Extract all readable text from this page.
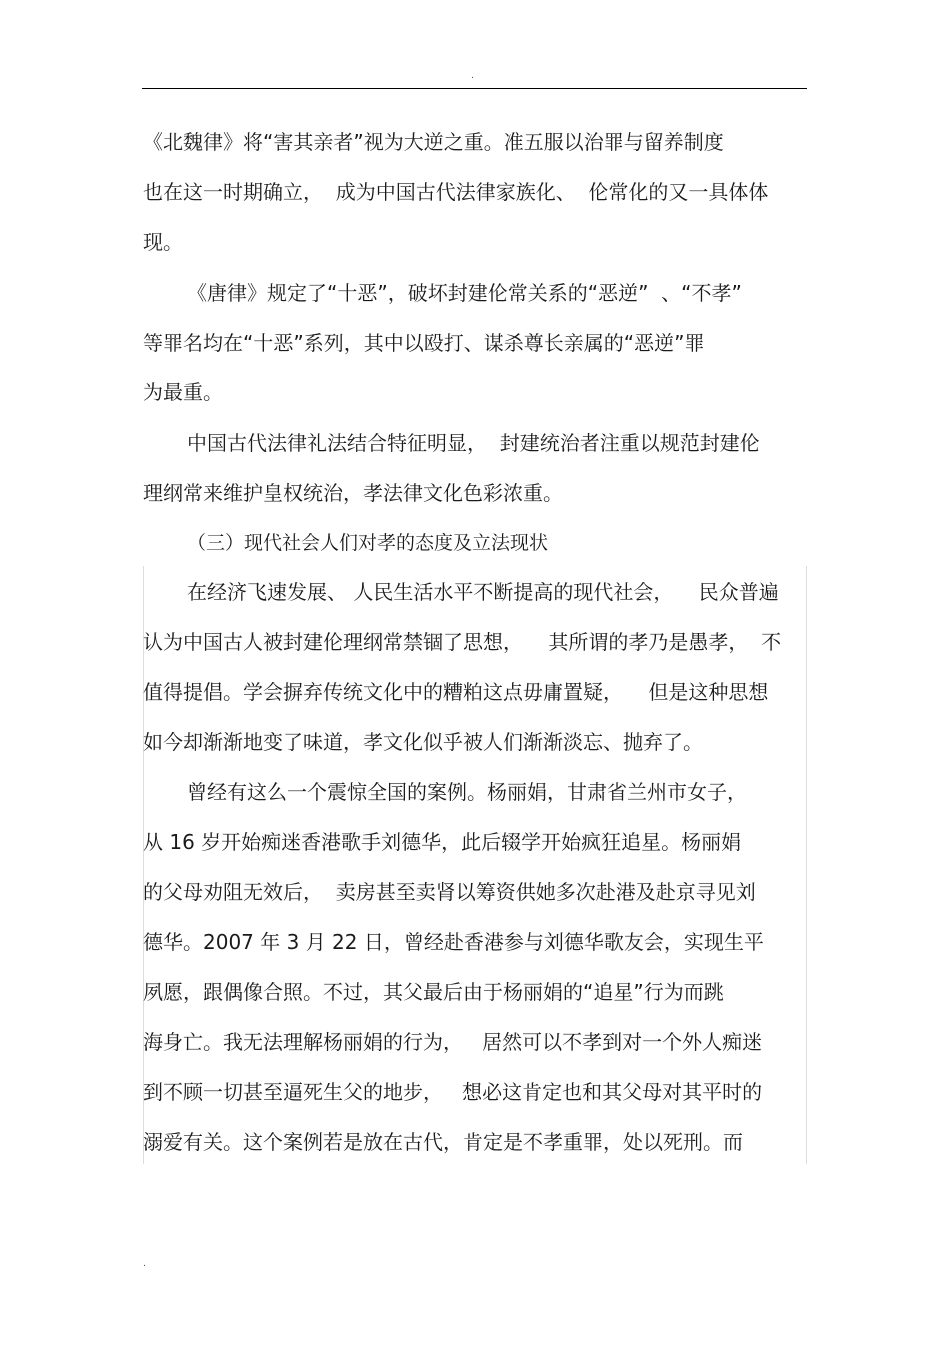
.
《北魏律》将“害其亲者”视为大逆之重。准五服以治罪与留养制度
也在这一时期确立，  成为中国古代法律家族化、  伦常化的又一具体体
现。
《唐律》规定了“十恶”，破坏封建伦常关系的“恶逆”  、“不孝”
等罪名均在“十恶”系列，其中以殴打、谋杀尊长亲属的“恶逆”罪
为最重。
中国古代法律礼法结合特征明显，  封建统治者注重以规范封建伦
理纲常来维护皇权统治，孝法律文化色彩浓重。
（三）现代社会人们对孝的态度及立法现状
在经济飞速发展、 人民生活水平不断提高的现代社会，    民众普遍
认为中国古人被封建伦理纲常禁锢了思想，    其所谓的孝乃是愚孝，  不
值得提倡。学会摒弃传统文化中的糟粕这点毋庸置疑，    但是这种思想
如今却渐渐地变了味道，孝文化似乎被人们渐渐淡忘、抛弃了。
曾经有这么一个震惊全国的案例。杨丽娟，甘肃省兰州市女子，
从 16 岁开始痴迷香港歌手刘德华，此后辍学开始疯狂追星。杨丽娟
的父母劝阻无效后，  卖房甚至卖肾以筹资供她多次赴港及赴京寻见刘
德华。2007 年 3 月 22 日，曾经赴香港参与刘德华歌友会，实现生平
夙愿，跟偶像合照。不过，其父最后由于杨丽娟的“追星”行为而跳
海身亡。我无法理解杨丽娟的行为，   居然可以不孝到对一个外人痴迷
到不顾一切甚至逼死生父的地步，   想必这肯定也和其父母对其平时的
溺爱有关。这个案例若是放在古代，肯定是不孝重罪，处以死刑。而
.
